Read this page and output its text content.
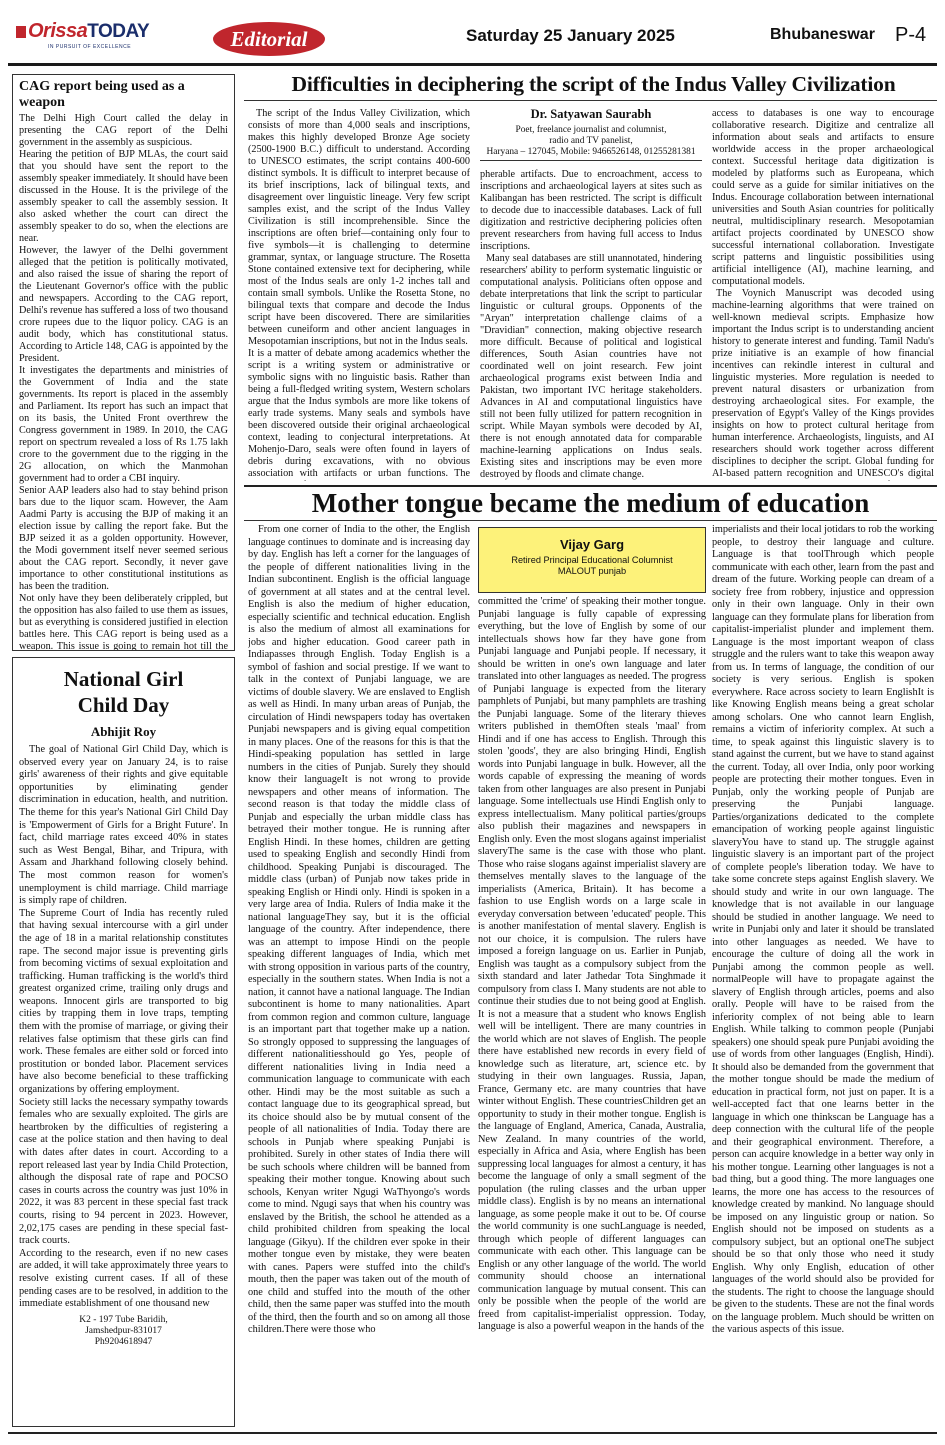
OrissaTODAY
IN PURSUIT OF EXCELLENCE	Editorial	Saturday 25 January 2025	Bhubaneswar P-4
CAG report being used as a weapon

The Delhi High Court called the delay in presenting the CAG report of the Delhi government in the assembly as suspicious.

Hearing the petition of BJP MLAs, the court said that you should have sent the report to the assembly speaker immediately. It should have been discussed in the House. It is the privilege of the assembly speaker to call the assembly session. It also asked whether the court can direct the assembly speaker to do so, when the elections are near.

However, the lawyer of the Delhi government alleged that the petition is politically motivated, and also raised the issue of sharing the report of the Lieutenant Governor's office with the public and newspapers. According to the CAG report, Delhi's revenue has suffered a loss of two thousand crore rupees due to the liquor policy. CAG is an audit body, which has constitutional status. According to Article 148, CAG is appointed by the President.

It investigates the departments and ministries of the Government of India and the state governments. Its report is placed in the assembly and Parliament. Its report has such an impact that on its basis, the United Front overthrew the Congress government in 1989. In 2010, the CAG report on spectrum revealed a loss of Rs 1.75 lakh crore to the government due to the rigging in the 2G allocation, on which the Manmohan government had to order a CBI inquiry.

Senior AAP leaders also had to stay behind prison bars due to the liquor scam. However, the Aam Aadmi Party is accusing the BJP of making it an election issue by calling the report fake. But the BJP seized it as a golden opportunity. However, the Modi government itself never seemed serious about the CAG report. Secondly, it never gave importance to other constitutional institutions as has been the tradition.

Not only have they been deliberately crippled, but the opposition has also failed to use them as issues, but as everything is considered justified in election battles here. This CAG report is being used as a weapon. This issue is going to remain hot till the

National Girl
Child Day
Abhijit Roy

The goal of National Girl Child Day, which is observed every year on January 24, is to raise girls' awareness of their rights and give equitable opportunities by eliminating gender discrimination in education, health, and nutrition. The theme for this year's National Girl Child Day is 'Empowerment of Girls for a Bright Future'. In fact, child marriage rates exceed 40% in states such as West Bengal, Bihar, and Tripura, with Assam and Jharkhand following closely behind. The most common reason for women's unemployment is child marriage. Child marriage is simply rape of children.

The Supreme Court of India has recently ruled that having sexual intercourse with a girl under the age of 18 in a marital relationship constitutes rape. The second major issue is preventing girls from becoming victims of sexual exploitation and trafficking. Human trafficking is the world's third greatest organized crime, trailing only drugs and weapons. Innocent girls are transported to big cities by trapping them in love traps, tempting them with the promise of marriage, or giving their relatives false optimism that these girls can find work. These females are either sold or forced into prostitution or bonded labor. Placement services have also become beneficial to these trafficking organizations by offering employment.

Society still lacks the necessary sympathy towards females who are sexually exploited. The girls are heartbroken by the difficulties of registering a case at the police station and then having to deal with dates after dates in court. According to a report released last year by India Child Protection, although the disposal rate of rape and POCSO cases in courts across the country was just 10% in 2022, it was 83 percent in these special fast track courts, rising to 94 percent in 2023. However, 2,02,175 cases are pending in these special fast-track courts.

According to the research, even if no new cases are added, it will take approximately three years to resolve existing current cases. If all of these pending cases are to be resolved, in addition to the immediate establishment of one thousand new

K2 - 197 Tube Baridih,
Jamshedpur-831017
Ph9204618947
Difficulties in deciphering the script of the Indus Valley Civilization

The script of the Indus Valley Civilization, which consists of more than 4,000 seals and inscriptions, makes this highly developed Bronze Age society (2500-1900 B.C.) difficult to understand. According to UNESCO estimates, the script contains 400-600 distinct symbols. It is difficult to interpret because of its brief inscriptions, lack of bilingual texts, and disagreement over linguistic lineage. Very few script samples exist, and the script of the Indus Valley Civilization is still incomprehensible. Since the inscriptions are often brief—containing only four to five symbols—it is challenging to determine grammar, syntax, or language structure. The Rosetta Stone contained extensive text for deciphering, while most of the Indus seals are only 1-2 inches tall and contain small symbols. Unlike the Rosetta Stone, no bilingual texts that compare and decode the Indus script have been discovered. There are similarities between cuneiform and other ancient languages in Mesopotamian inscriptions, but not in the Indus seals.

It is a matter of debate among academics whether the script is a writing system or administrative or symbolic signs with no linguistic basis. Rather than being a full-fledged writing system, Western scholars argue that the Indus symbols are more like tokens of early trade systems. Many seals and symbols have been discovered outside their original archaeological context, leading to conjectural interpretations. At Mohenjo-Daro, seals were often found in layers of debris during excavations, with no obvious association with artifacts or urban functions. The

Dr. Satyawan Saurabh
Poet, freelance journalist and columnist,
radio and TV panelist,
Haryana – 127045, Mobile: 9466526148, 01255281381

pherable artifacts. Due to encroachment, access to inscriptions and archaeological layers at sites such as Kalibangan has been restricted. The script is difficult to decode due to inaccessible databases. Lack of full digitization and restrictive deciphering policies often prevent researchers from having full access to Indus inscriptions.

Many seal databases are still unannotated, hindering researchers' ability to perform systematic linguistic or computational analysis. Politicians often oppose and debate interpretations that link the script to particular linguistic or cultural groups. Opponents of the "Aryan" interpretation challenge claims of a "Dravidian" connection, making objective research more difficult. Because of political and logistical differences, South Asian countries have not coordinated well on joint research. Few joint archaeological programs exist between India and Pakistan, two important IVC heritage stakeholders. Advances in AI and computational linguistics have still not been fully utilized for pattern recognition in script. While Mayan symbols were decoded by AI, there is not enough annotated data for comparable machine-learning applications on Indus seals. Existing sites and inscriptions may be even more destroyed by floods and climate change.

access to databases is one way to encourage collaborative research. Digitize and centralize all information about seals and artifacts to ensure worldwide access in the proper archaeological context. Successful heritage data digitization is modeled by platforms such as Europeana, which could serve as a guide for similar initiatives on the Indus. Encourage collaboration between international universities and South Asian countries for politically neutral, multidisciplinary research. Mesopotamian artifact projects coordinated by UNESCO show successful international collaboration. Investigate script patterns and linguistic possibilities using artificial intelligence (AI), machine learning, and computational models.

The Voynich Manuscript was decoded using machine-learning algorithms that were trained on well-known medieval scripts. Emphasize how important the Indus script is to understanding ancient history to generate interest and funding. Tamil Nadu's prize initiative is an example of how financial incentives can rekindle interest in cultural and linguistic mysteries. More regulation is needed to prevent natural disasters or urbanization from destroying archaeological sites. For example, the preservation of Egypt's Valley of the Kings provides insights on how to protect cultural heritage from human interference. Archaeologists, linguists, and AI researchers should work together across different disciplines to decipher the script. Global funding for AI-based pattern recognition and UNESCO's digital

Mother tongue became the medium of education

From one corner of India to the other, the English language continues to dominate and is increasing day by day. English has left a corner for the languages of the people of different nationalities living in the Indian subcontinent. English is the official language of government at all states and at the central level. English is also the medium of higher education, especially scientific and technical education. English is also the medium of almost all examinations for jobs and higher education. Good career path in Indiapasses through English. Today English is a symbol of fashion and social prestige. If we want to talk in the context of Punjabi language, we are victims of double slavery. We are enslaved to English as well as Hindi. In many urban areas of Punjab, the circulation of Hindi newspapers today has overtaken Punjabi newspapers and is giving equal competition in many places. One of the reasons for this is that the Hindi-speaking population has settled in large numbers in the cities of Punjab. Surely they should know their languageIt is not wrong to provide newspapers and other means of information. The second reason is that today the middle class of Punjab and especially the urban middle class has betrayed their mother tongue. He is running after English Hindi. In these homes, children are getting used to speaking English and secondly Hindi from childhood. Speaking Punjabi is discouraged. The middle class (urban) of Punjab now takes pride in speaking English or Hindi only. Hindi is spoken in a very large area of India. Rulers of India make it the national languageThey say, but it is the official language of the country. After independence, there was an attempt to impose Hindi on the people speaking different languages of India, which met with strong opposition in various parts of the country, especially in the southern states. When India is not a nation, it cannot have a national language. The Indian subcontinent is home to many nationalities. Apart from common region and common culture, language is an important part that together make up a nation. So strongly opposed to suppressing the languages of different nationalitiesshould go Yes, people of different nationalities living in India need a communication language to communicate with each other. Hindi may be the most suitable as such a contact language due to its geographical spread, but its choice should also be by mutual consent of the people of all nationalities of India. Today there are schools in Punjab where speaking Punjabi is prohibited. Surely in other states of India there will be such schools where children will be banned from speaking their mother tongue. Knowing about such schools, Kenyan writer Ngugi WaThyongo's words come to mind. Ngugi says that when his country was enslaved by the British, the school he attended as a child prohibited children from speaking the local language (Gikyu). If the children ever spoke in their mother tongue even by mistake, they were beaten with canes. Papers were stuffed into the child's mouth, then the paper was taken out of the mouth of one child and stuffed into the mouth of the other child, then the same paper was stuffed into the mouth of the third, then the fourth and so on among all those children.There were those who

Vijay Garg
Retired Principal Educational Columnist
MALOUT punjab

committed the 'crime' of speaking their mother tongue. Punjabi language is fully capable of expressing everything, but the love of English by some of our intellectuals shows how far they have gone from Punjabi language and Punjabi people. If necessary, it should be written in one's own language and later translated into other languages as needed. The progress of Punjabi language is expected from the literary pamphlets of Punjabi, but many pamphlets are trashing the Punjabi language. Some of the literary thieves writers published in themOften steals 'maal' from Hindi and if one has access to English. Through this stolen 'goods', they are also bringing Hindi, English words into Punjabi language in bulk. However, all the words capable of expressing the meaning of words taken from other languages are also present in Punjabi language. Some intellectuals use Hindi English only to express intellectualism. Many political parties/groups also publish their magazines and newspapers in English only. Even the most slogans against imperialist slaveryThe same is the case with those who plant. Those who raise slogans against imperialist slavery are themselves mentally slaves to the language of the imperialists (America, Britain). It has become a fashion to use English words on a large scale in everyday conversation between 'educated' people. This is another manifestation of mental slavery. English is not our choice, it is compulsion. The rulers have imposed a foreign language on us. Earlier in Punjab, English was taught as a compulsory subject from the sixth standard and later Jathedar Tota Singhmade it compulsory from class I. Many students are not able to continue their studies due to not being good at English. It is not a measure that a student who knows English well will be intelligent. There are many countries in the world which are not slaves of English. The people there have established new records in every field of knowledge such as literature, art, science etc. by studying in their own languages. Russia, Japan, France, Germany etc. are many countries that have winter without English. These countriesChildren get an opportunity to study in their mother tongue. English is the language of England, America, Canada, Australia, New Zealand. In many countries of the world, especially in Africa and Asia, where English has been suppressing local languages for almost a century, it has become the language of only a small segment of the population (the ruling classes and the urban upper middle class). English is by no means an international language, as some people make it out to be. Of course the world community is one suchLanguage is needed, through which people of different languages can communicate with each other. This language can be English or any other language of the world. The world community should choose an international communication language by mutual consent. This can only be possible when the people of the world are freed from capitalist-imperialist oppression. Today, language is also a powerful weapon in the hands of the

imperialists and their local jotidars to rob the working people, to destroy their language and culture. Language is that toolThrough which people communicate with each other, learn from the past and dream of the future. Working people can dream of a society free from robbery, injustice and oppression only in their own language. Only in their own language can they formulate plans for liberation from capitalist-imperialist plunder and implement them. Language is the most important weapon of class struggle and the rulers want to take this weapon away from us. In terms of language, the condition of our society is very serious. English is spoken everywhere. Race across society to learn EnglishIt is like Knowing English means being a great scholar among scholars. One who cannot learn English, remains a victim of inferiority complex. At such a time, to speak against this linguistic slavery is to stand against the current, but we have to stand against the current. Today, all over India, only poor working people are protecting their mother tongues. Even in Punjab, only the working people of Punjab are preserving the Punjabi language. Parties/organizations dedicated to the complete emancipation of working people against linguistic slaveryYou have to stand up. The struggle against linguistic slavery is an important part of the project of complete people's liberation today. We have to take some concrete steps against English slavery. We should study and write in our own language. The knowledge that is not available in our language should be studied in another language. We need to write in Punjabi only and later it should be translated into other languages as needed. We have to encourage the culture of doing all the work in Punjabi among the common people as well. normalPeople will have to propagate against the slavery of English through articles, poems and also orally. People will have to be raised from the inferiority complex of not being able to learn English. While talking to common people (Punjabi speakers) one should speak pure Punjabi avoiding the use of words from other languages (English, Hindi). It should also be demanded from the government that the mother tongue should be made the medium of education in practical form, not just on paper. It is a well-accepted fact that one learns better in the language in which one thinkscan be Language has a deep connection with the cultural life of the people and their geographical environment. Therefore, a person can acquire knowledge in a better way only in his mother tongue. Learning other languages is not a bad thing, but a good thing. The more languages one learns, the more one has access to the resources of knowledge created by mankind. No language should be imposed on any linguistic group or nation. So English should not be imposed on students as a compulsory subject, but an optional oneThe subject should be so that only those who need it study English. Why only English, education of other languages of the world should also be provided for the students. The right to choose the language should be given to the students. These are not the final words on the language problem. Much should be written on the various aspects of this issue.
